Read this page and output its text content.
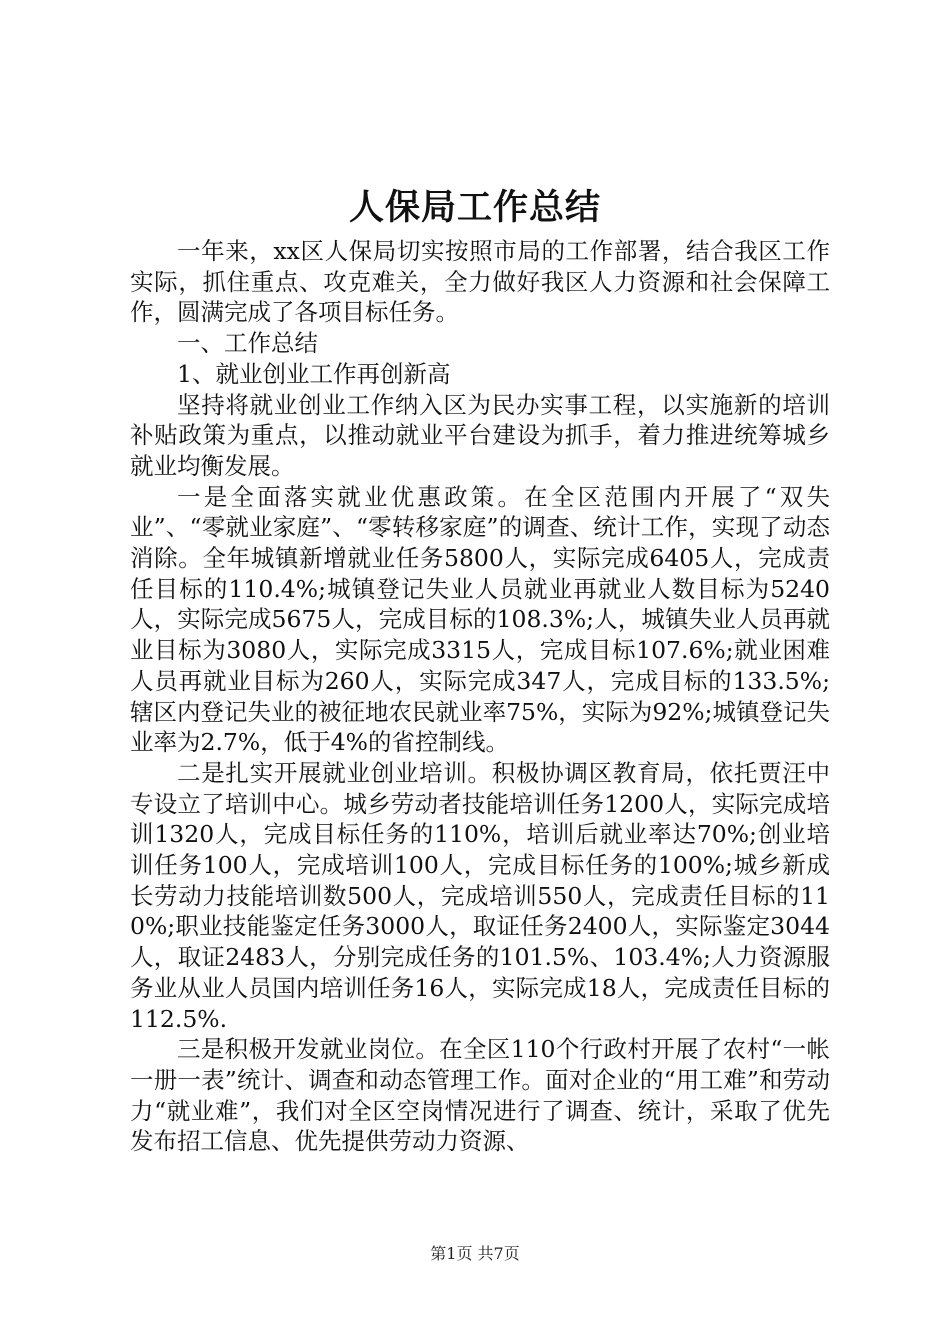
人保局工作总结

一年来，xx区人保局切实按照市局的工作部署，结合我区工作实际，抓住重点、攻克难关，全力做好我区人力资源和社会保障工作，圆满完成了各项目标任务。

一、工作总结

1、就业创业工作再创新高

坚持将就业创业工作纳入区为民办实事工程，以实施新的培训补贴政策为重点，以推动就业平台建设为抓手，着力推进统筹城乡就业均衡发展。

一是全面落实就业优惠政策。在全区范围内开展了“双失业”、“零就业家庭”、“零转移家庭”的调查、统计工作，实现了动态消除。全年城镇新增就业任务5800人，实际完成6405人，完成责任目标的110.4%;城镇登记失业人员就业再就业人数目标为5240人，实际完成5675人，完成目标的108.3%;人，城镇失业人员再就业目标为3080人，实际完成3315人，完成目标107.6%;就业困难人员再就业目标为260人，实际完成347人，完成目标的133.5%;辖区内登记失业的被征地农民就业率75%，实际为92%;城镇登记失业率为2.7%，低于4%的省控制线。

二是扎实开展就业创业培训。积极协调区教育局，依托贾汪中专设立了培训中心。城乡劳动者技能培训任务1200人，实际完成培训1320人，完成目标任务的110%，培训后就业率达70%;创业培训任务100人，完成培训100人，完成目标任务的100%;城乡新成长劳动力技能培训数500人，完成培训550人，完成责任目标的110%;职业技能鉴定任务3000人，取证任务2400人，实际鉴定3044人，取证2483人，分别完成任务的101.5%、103.4%;人力资源服务业从业人员国内培训任务16人，实际完成18人，完成责任目标的112.5%.

三是积极开发就业岗位。在全区110个行政村开展了农村“一帐一册一表”统计、调查和动态管理工作。面对企业的“用工难”和劳动力“就业难”，我们对全区空岗情况进行了调查、统计，采取了优先发布招工信息、优先提供劳动力资源、

第1页 共7页
